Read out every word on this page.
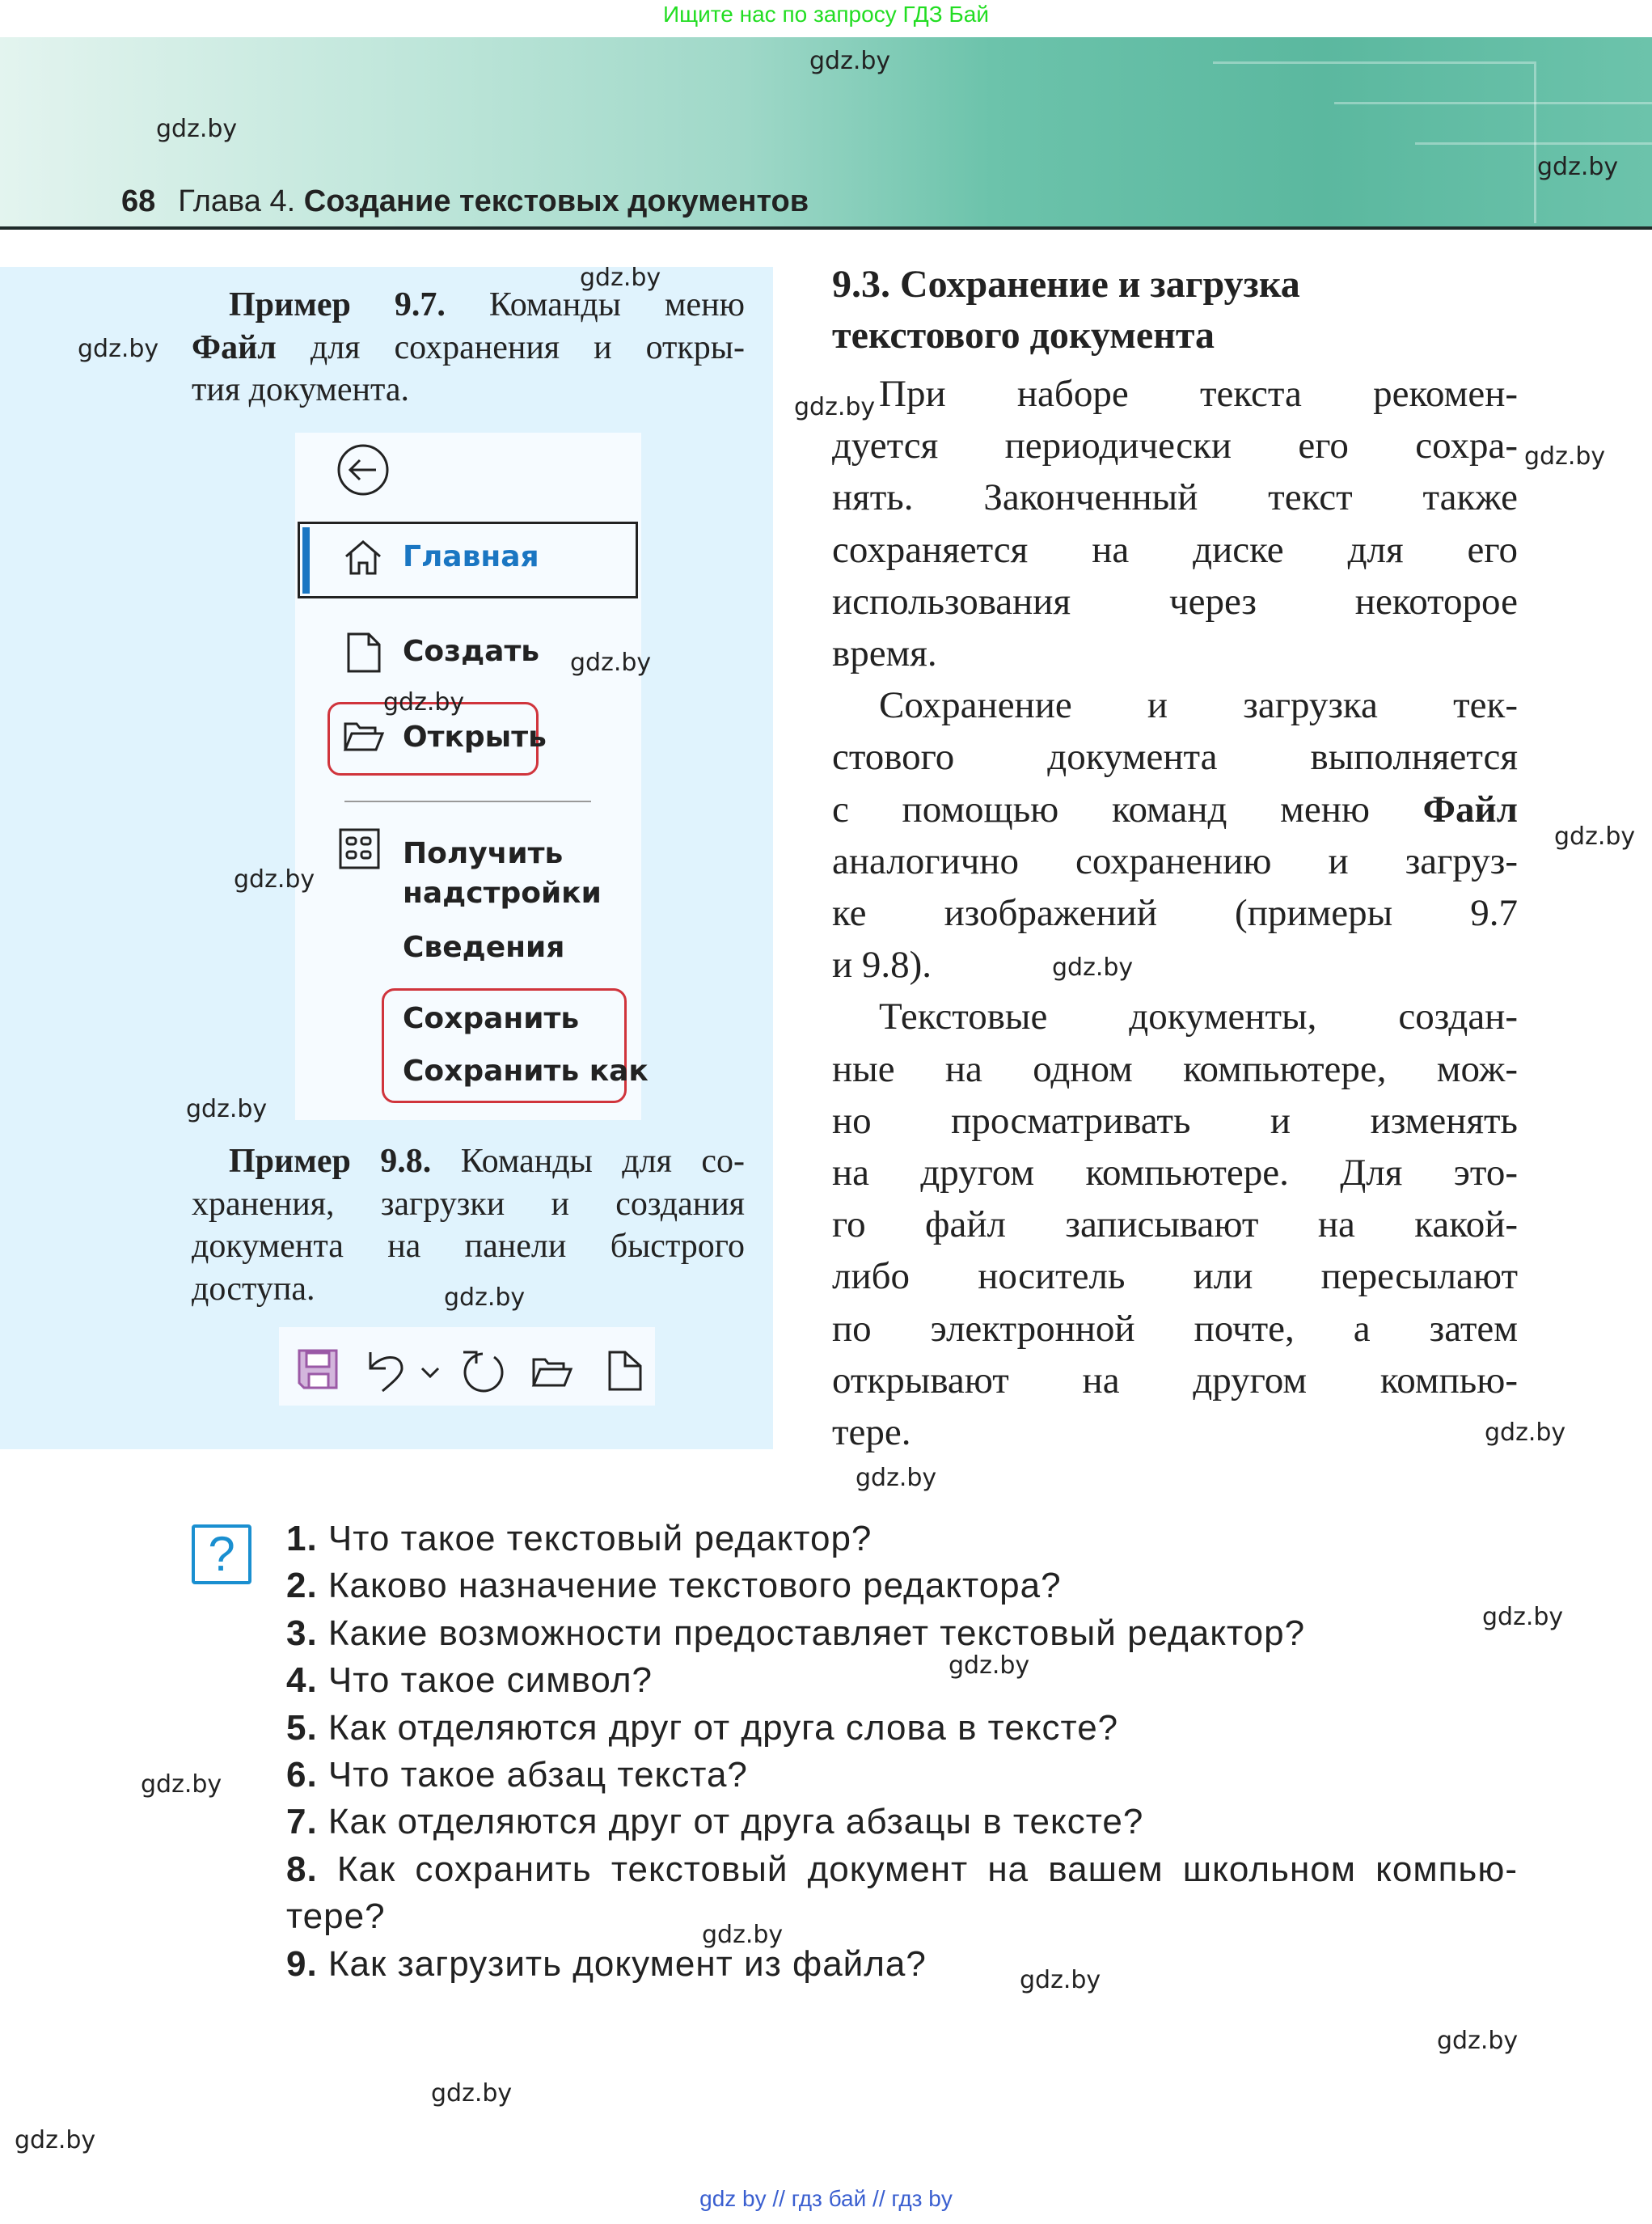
Ищите нас по запросу ГДЗ Бай
68 Глава 4. Создание текстовых документов
Пример 9.7. Команды меню
Файл для сохранения и откры-
тия документа.
Главная
Создать
Открыть
Получить
надстройки
Сведения
Сохранить
Сохранить как
Пример 9.8. Команды для со-
хранения, загрузки и создания
документа на панели быстрого
доступа.
9.3. Сохранение и загрузка
текстового документа
При наборе текста рекомен-
дуется периодически его сохра-
нять. Законченный текст также
сохраняется на диске для его
использования через некоторое
время.
Сохранение и загрузка тек-
стового документа выполняется
с помощью команд меню Файл
аналогично сохранению и загруз-
ке изображений (примеры 9.7
и 9.8).
Текстовые документы, создан-
ные на одном компьютере, мож-
но просматривать и изменять
на другом компьютере. Для это-
го файл записывают на какой-
либо носитель или пересылают
по электронной почте, а затем
открывают на другом компью-
тере.
?	1. Что такое текстовый редактор?
2. Каково назначение текстового редактора?
3. Какие возможности предоставляет текстовый редактор?
4. Что такое символ?
5. Как отделяются друг от друга слова в тексте?
6. Что такое абзац текста?
7. Как отделяются друг от друга абзацы в тексте?
8. Как сохранить текстовый документ на вашем школьном компью-
тере?
9. Как загрузить документ из файла?
gdz.by
gdz.by
gdz.by
gdz.by
gdz.by
gdz.by
gdz.by
gdz.by
gdz.by
gdz.by
gdz.by
gdz.by
gdz.by
gdz.by
gdz.by
gdz.by
gdz.by
gdz.by
gdz.by
gdz.by
gdz.by
gdz.by
gdz.by
gdz.by
gdz by // гдз бай // гдз by
